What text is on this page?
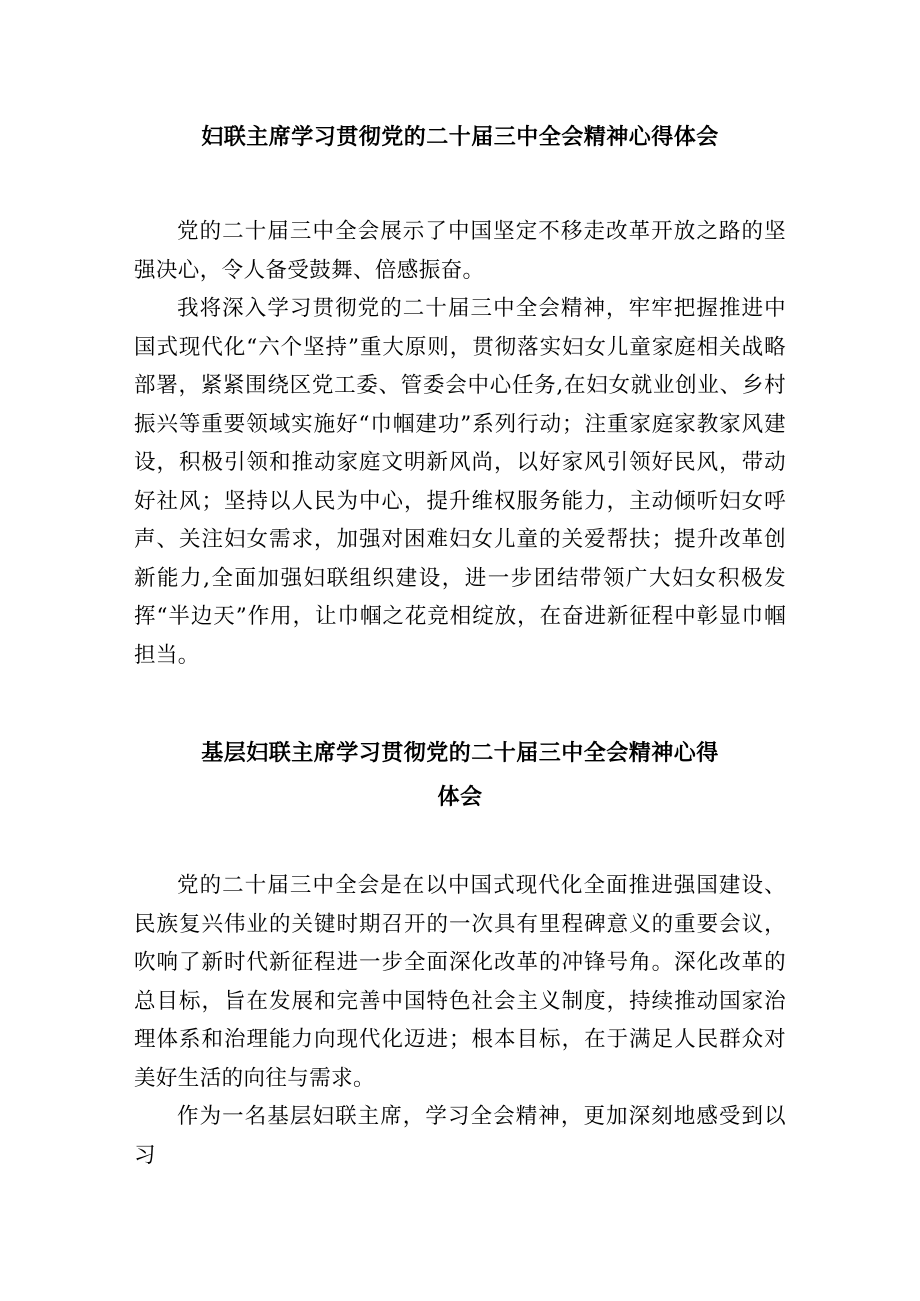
妇联主席学习贯彻党的二十届三中全会精神心得体会

党的二十届三中全会展示了中国坚定不移走改革开放之路的坚强决心，令人备受鼓舞、倍感振奋。

我将深入学习贯彻党的二十届三中全会精神，牢牢把握推进中国式现代化“六个坚持”重大原则，贯彻落实妇女儿童家庭相关战略部署，紧紧围绕区党工委、管委会中心任务,在妇女就业创业、乡村振兴等重要领域实施好“巾帼建功”系列行动；注重家庭家教家风建设，积极引领和推动家庭文明新风尚，以好家风引领好民风，带动好社风；坚持以人民为中心，提升维权服务能力，主动倾听妇女呼声、关注妇女需求，加强对困难妇女儿童的关爱帮扶；提升改革创新能力,全面加强妇联组织建设，进一步团结带领广大妇女积极发挥“半边天”作用，让巾帼之花竞相绽放，在奋进新征程中彰显巾帼担当。

基层妇联主席学习贯彻党的二十届三中全会精神心得
体会

党的二十届三中全会是在以中国式现代化全面推进强国建设、民族复兴伟业的关键时期召开的一次具有里程碑意义的重要会议，吹响了新时代新征程进一步全面深化改革的冲锋号角。深化改革的总目标，旨在发展和完善中国特色社会主义制度，持续推动国家治理体系和治理能力向现代化迈进；根本目标，在于满足人民群众对美好生活的向往与需求。

作为一名基层妇联主席，学习全会精神，更加深刻地感受到以习
